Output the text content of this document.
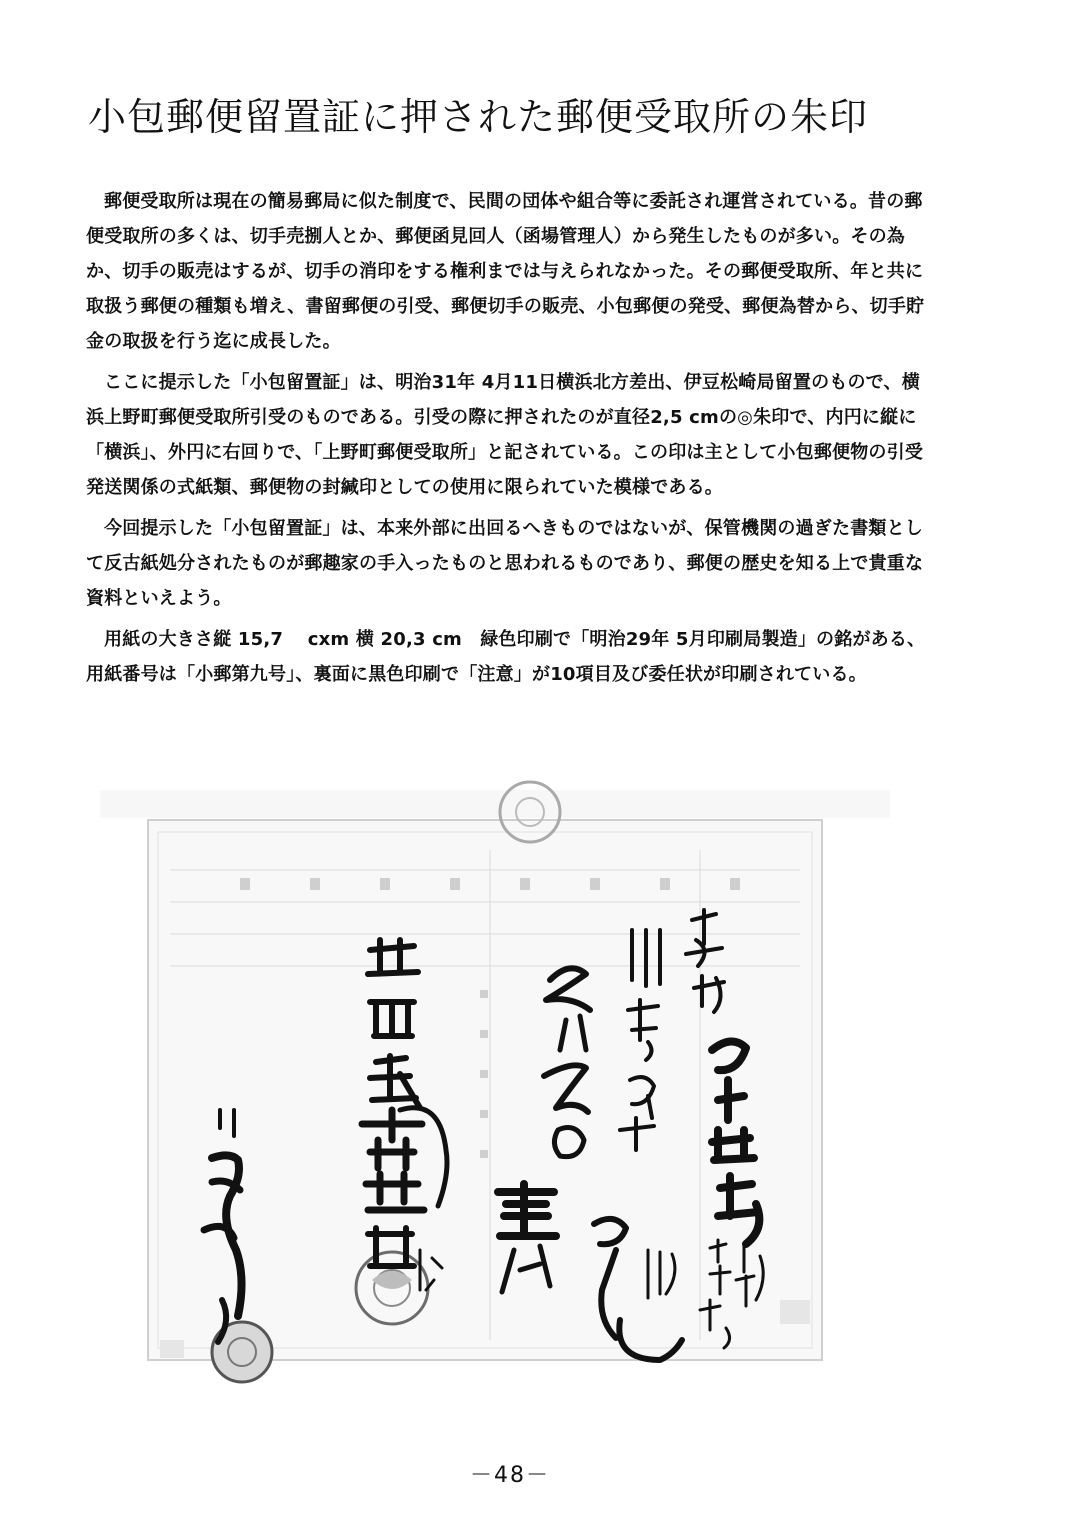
小包郵便留置証に押された郵便受取所の朱印

郵便受取所は現在の簡易郵局に似た制度で、民間の団体や組合等に委託され運営されている。昔の郵便受取所の多くは、切手売捌人とか、郵便函見回人（函場管理人）から発生したものが多い。その為か、切手の販売はするが、切手の消印をする権利までは与えられなかった。その郵便受取所、年と共に取扱う郵便の種類も増え、書留郵便の引受、郵便切手の販売、小包郵便の発受、郵便為替から、切手貯金の取扱を行う迄に成長した。

ここに提示した「小包留置証」は、明治31年 4月11日横浜北方差出、伊豆松崎局留置のもので、横浜上野町郵便受取所引受のものである。引受の際に押されたのが直径2,5 cmの◎朱印で、内円に縦に「横浜」、外円に右回りで、「上野町郵便受取所」と記されている。この印は主として小包郵便物の引受発送関係の式紙類、郵便物の封緘印としての使用に限られていた模様である。

今回提示した「小包留置証」は、本来外部に出回るへきものではないが、保管機関の過ぎた書類として反古紙処分されたものが郵趣家の手入ったものと思われるものであり、郵便の歴史を知る上で貴重な資料といえよう。

用紙の大きさ縦 15,7　 cxm 横 20,3 cm　緑色印刷で「明治29年 5月印刷局製造」の銘がある、用紙番号は「小郵第九号」、裏面に黒色印刷で「注意」が10項目及び委任状が印刷されている。

－48－
